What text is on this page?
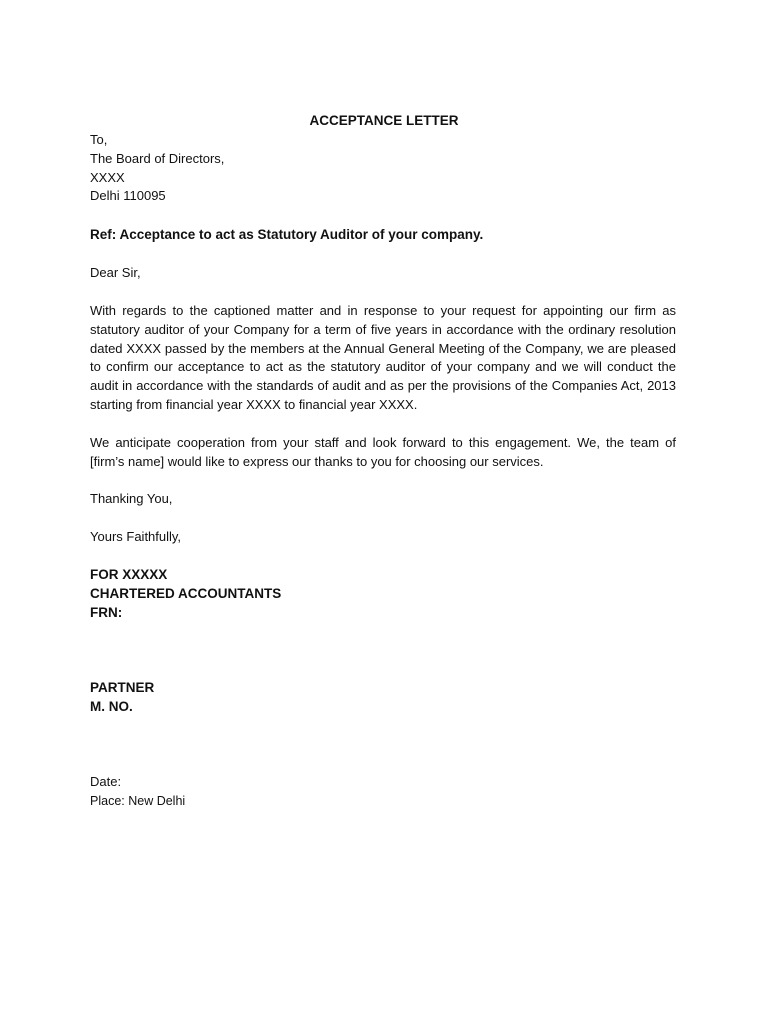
ACCEPTANCE LETTER
To,
The Board of Directors,
XXXX
Delhi 110095
Ref: Acceptance to act as Statutory Auditor of your company.
Dear Sir,
With regards to the captioned matter and in response to your request for appointing our firm as statutory auditor of your Company for a term of five years in accordance with the ordinary resolution dated XXXX passed by the members at the Annual General Meeting of the Company, we are pleased to confirm our acceptance to act as the statutory auditor of your company and we will conduct the audit in accordance with the standards of audit and as per the provisions of the Companies Act, 2013 starting from financial year XXXX to financial year XXXX.
We anticipate cooperation from your staff and look forward to this engagement. We, the team of [firm’s name] would like to express our thanks to you for choosing our services.
Thanking You,
Yours Faithfully,
FOR XXXXX
CHARTERED ACCOUNTANTS
FRN:
PARTNER
M. NO.
Date:
Place: New Delhi
